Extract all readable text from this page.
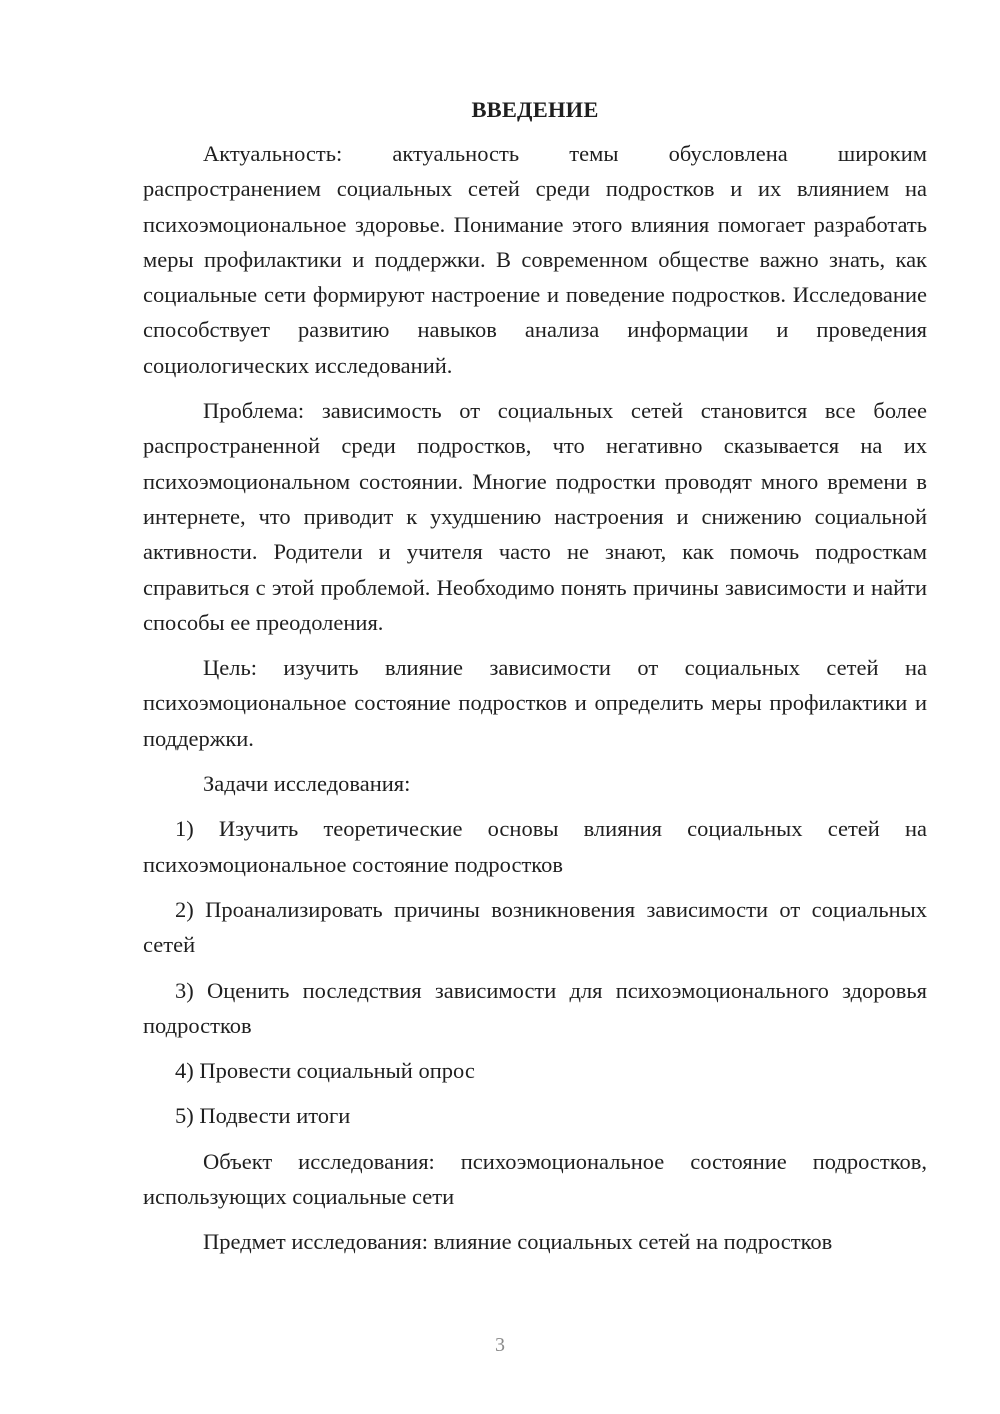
ВВЕДЕНИЕ

Актуальность: актуальность темы обусловлена широким распространением социальных сетей среди подростков и их влиянием на психоэмоциональное здоровье. Понимание этого влияния помогает разработать меры профилактики и поддержки. В современном обществе важно знать, как социальные сети формируют настроение и поведение подростков. Исследование способствует развитию навыков анализа информации и проведения социологических исследований.

Проблема: зависимость от социальных сетей становится все более распространенной среди подростков, что негативно сказывается на их психоэмоциональном состоянии. Многие подростки проводят много времени в интернете, что приводит к ухудшению настроения и снижению социальной активности. Родители и учителя часто не знают, как помочь подросткам справиться с этой проблемой. Необходимо понять причины зависимости и найти способы ее преодоления.

Цель: изучить влияние зависимости от социальных сетей на психоэмоциональное состояние подростков и определить меры профилактики и поддержки.

Задачи исследования:

1) Изучить теоретические основы влияния социальных сетей на психоэмоциональное состояние подростков
2) Проанализировать причины возникновения зависимости от социальных сетей
3) Оценить последствия зависимости для психоэмоционального здоровья подростков
4) Провести социальный опрос
5) Подвести итоги

Объект исследования: психоэмоциональное состояние подростков, использующих социальные сети

Предмет исследования: влияние социальных сетей на подростков

3
